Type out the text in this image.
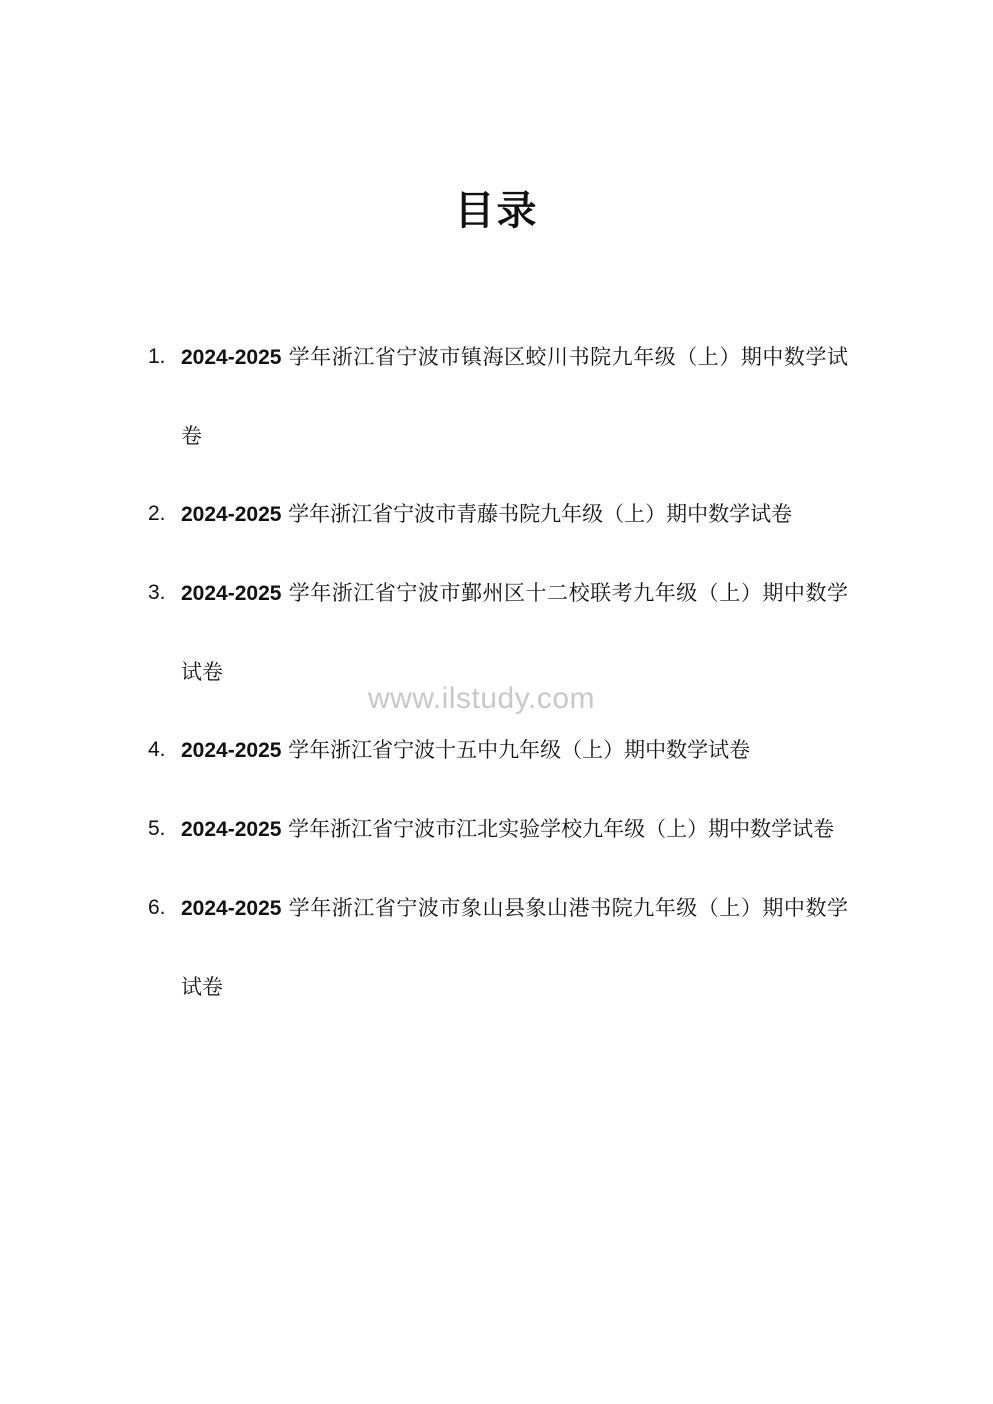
目录
1. 2024-2025 学年浙江省宁波市镇海区蛟川书院九年级（上）期中数学试卷
2. 2024-2025 学年浙江省宁波市青藤书院九年级（上）期中数学试卷
3. 2024-2025 学年浙江省宁波市鄞州区十二校联考九年级（上）期中数学试卷
4. 2024-2025 学年浙江省宁波十五中九年级（上）期中数学试卷
5. 2024-2025 学年浙江省宁波市江北实验学校九年级（上）期中数学试卷
6. 2024-2025 学年浙江省宁波市象山县象山港书院九年级（上）期中数学试卷
www.ilstudy.com
